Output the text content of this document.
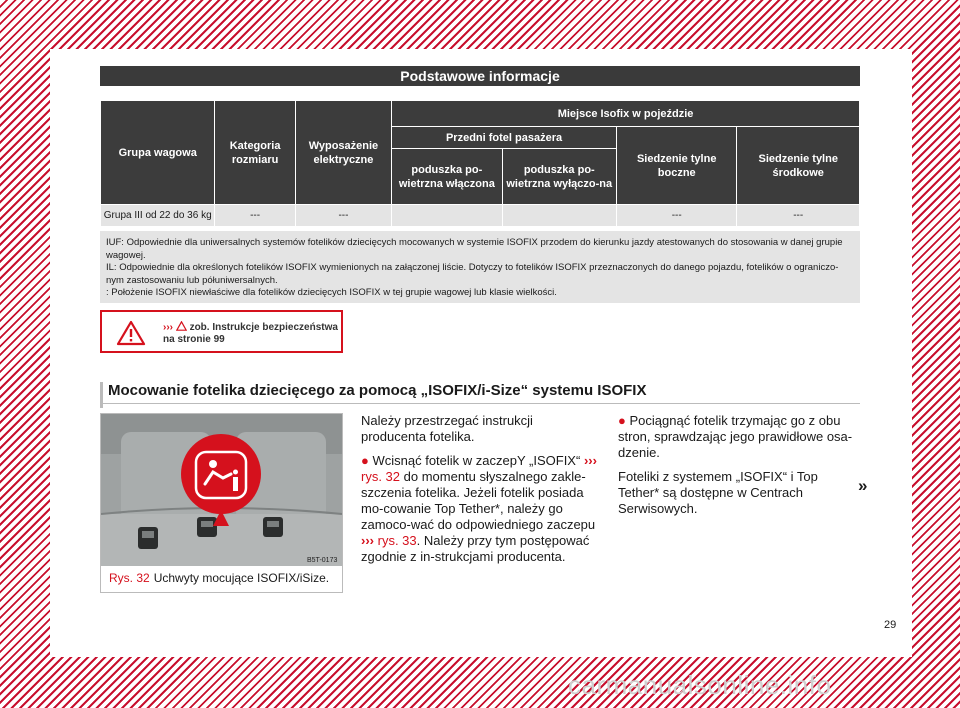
Podstawowe informacje
Grupa wagowa	Kategoria rozmiaru	Wyposażenie elektryczne	Miejsce Isofix w pojeździe			
			Przedni fotel pasażera		Siedzenie tylne boczne	Siedzenie tylne środkowe
			poduszka po-wietrzna włączona	poduszka po-wietrzna wyłączo-na		
Grupa III od 22 do 36 kg	---	---			---	---
IUF: Odpowiednie dla uniwersalnych systemów fotelików dziecięcych mocowanych w systemie ISOFIX przodem do kierunku jazdy atestowanych do stosowania w danej grupie wagowej.
IL: Odpowiednie dla określonych fotelików ISOFIX wymienionych na załączonej liście. Dotyczy to fotelików ISOFIX przeznaczonych do danego pojazdu, fotelików o ograniczo-nym zastosowaniu lub półuniwersalnych.
: Położenie ISOFIX niewłaściwe dla fotelików dziecięcych ISOFIX w tej grupie wagowej lub klasie wielkości.
››› zob. Instrukcje bezpieczeństwa na stronie 99
Mocowanie fotelika dziecięcego za pomocą „ISOFIX/i-Size“ systemu ISOFIX
B5T-0173
Rys. 32 Uchwyty mocujące ISOFIX/iSize.

Należy przestrzegać instrukcji producenta fotelika.

● Wcisnąć fotelik w zaczepY „ISOFIX“ ››› rys. 32 do momentu słyszalnego zakle-szczenia fotelika. Jeżeli fotelik posiada mo-cowanie Top Tether*, należy go zamoco-wać do odpowiedniego zaczepu ››› rys. 33. Należy przy tym postępować zgodnie z in-strukcjami producenta.

● Pociągnąć fotelik trzymając go z obu stron, sprawdzając jego prawidłowe osa-dzenie.

Foteliki z systemem „ISOFIX“ i Top Tether* są dostępne w Centrach Serwisowych.

»
29
carmanualsonline.info
